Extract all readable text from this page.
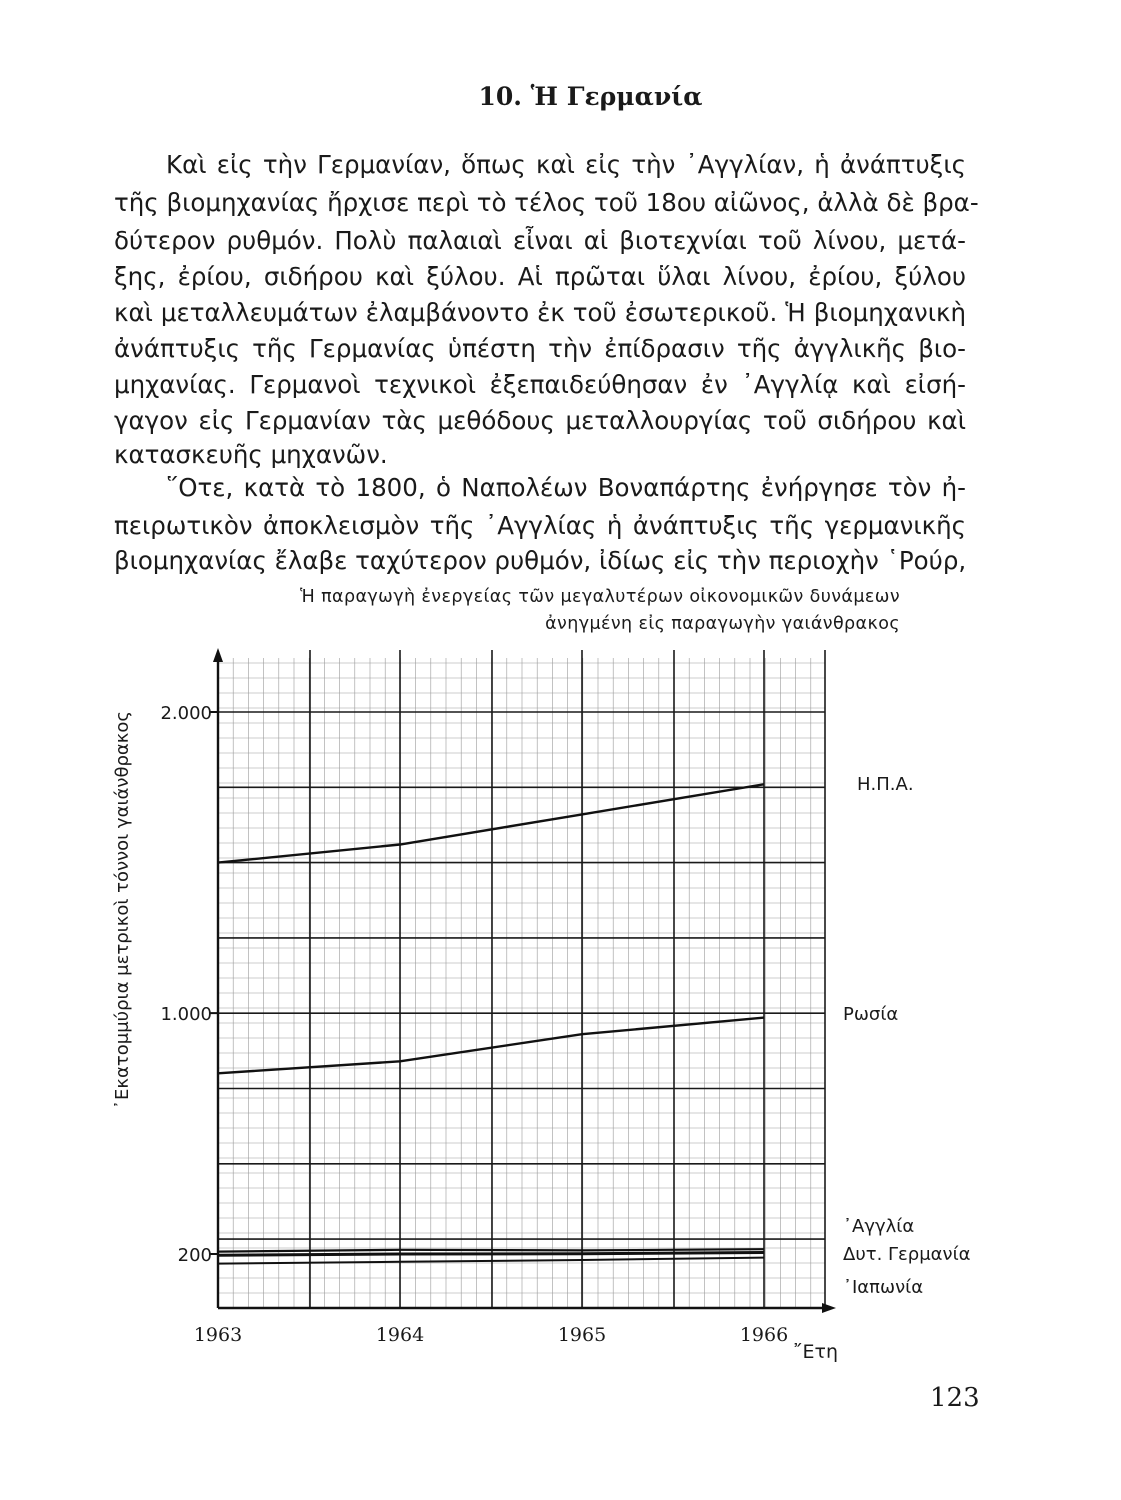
10. Ἡ Γερμανία
Καὶ εἰς τὴν Γερμανίαν, ὅπως καὶ εἰς τὴν ᾿Αγγλίαν, ἡ ἀνάπτυξις
τῆς βιομηχανίας ἤρχισε περὶ τὸ τέλος τοῦ 18ου αἰῶνος, ἀλλὰ δὲ βρα-
δύτερον ρυθμόν. Πολὺ παλαιαὶ εἶναι αἱ βιοτεχνίαι τοῦ λίνου, μετά-
ξης, ἐρίου, σιδήρου καὶ ξύλου. Αἱ πρῶται ὕλαι λίνου, ἐρίου, ξύλου
καὶ μεταλλευμάτων ἐλαμβάνοντο ἐκ τοῦ ἐσωτερικοῦ. Ἡ βιομηχανικὴ
ἀνάπτυξις τῆς Γερμανίας ὑπέστη τὴν ἐπίδρασιν τῆς ἀγγλικῆς βιο-
μηχανίας. Γερμανοὶ τεχνικοὶ ἐξεπαιδεύθησαν ἐν ᾿Αγγλίᾳ καὶ εἰσή-
γαγον εἰς Γερμανίαν τὰς μεθόδους μεταλλουργίας τοῦ σιδήρου καὶ
κατασκευῆς μηχανῶν.
῞Οτε, κατὰ τὸ 1800, ὁ Ναπολέων Βοναπάρτης ἐνήργησε τὸν ἠ-
πειρωτικὸν ἀποκλεισμὸν τῆς ᾿Αγγλίας ἡ ἀνάπτυξις τῆς γερμανικῆς
βιομηχανίας ἔλαβε ταχύτερον ρυθμόν, ἰδίως εἰς τὴν περιοχὴν ῾Ρούρ,
Ἡ παραγωγὴ ἐνεργείας τῶν μεγαλυτέρων οἰκονομικῶν δυνάμεων
ἀνηγμένη εἰς παραγωγὴν γαιάνθρακος
2.000
1.000
200
1963	1964	1965	1966
Η.Π.Α.
Ρωσία
᾿Αγγλία
Δυτ. Γερμανία
᾿Ιαπωνία
᾿Εκατομμύρια μετρικοὶ τόννοι γαιάνθρακος
῎Ετη
123
